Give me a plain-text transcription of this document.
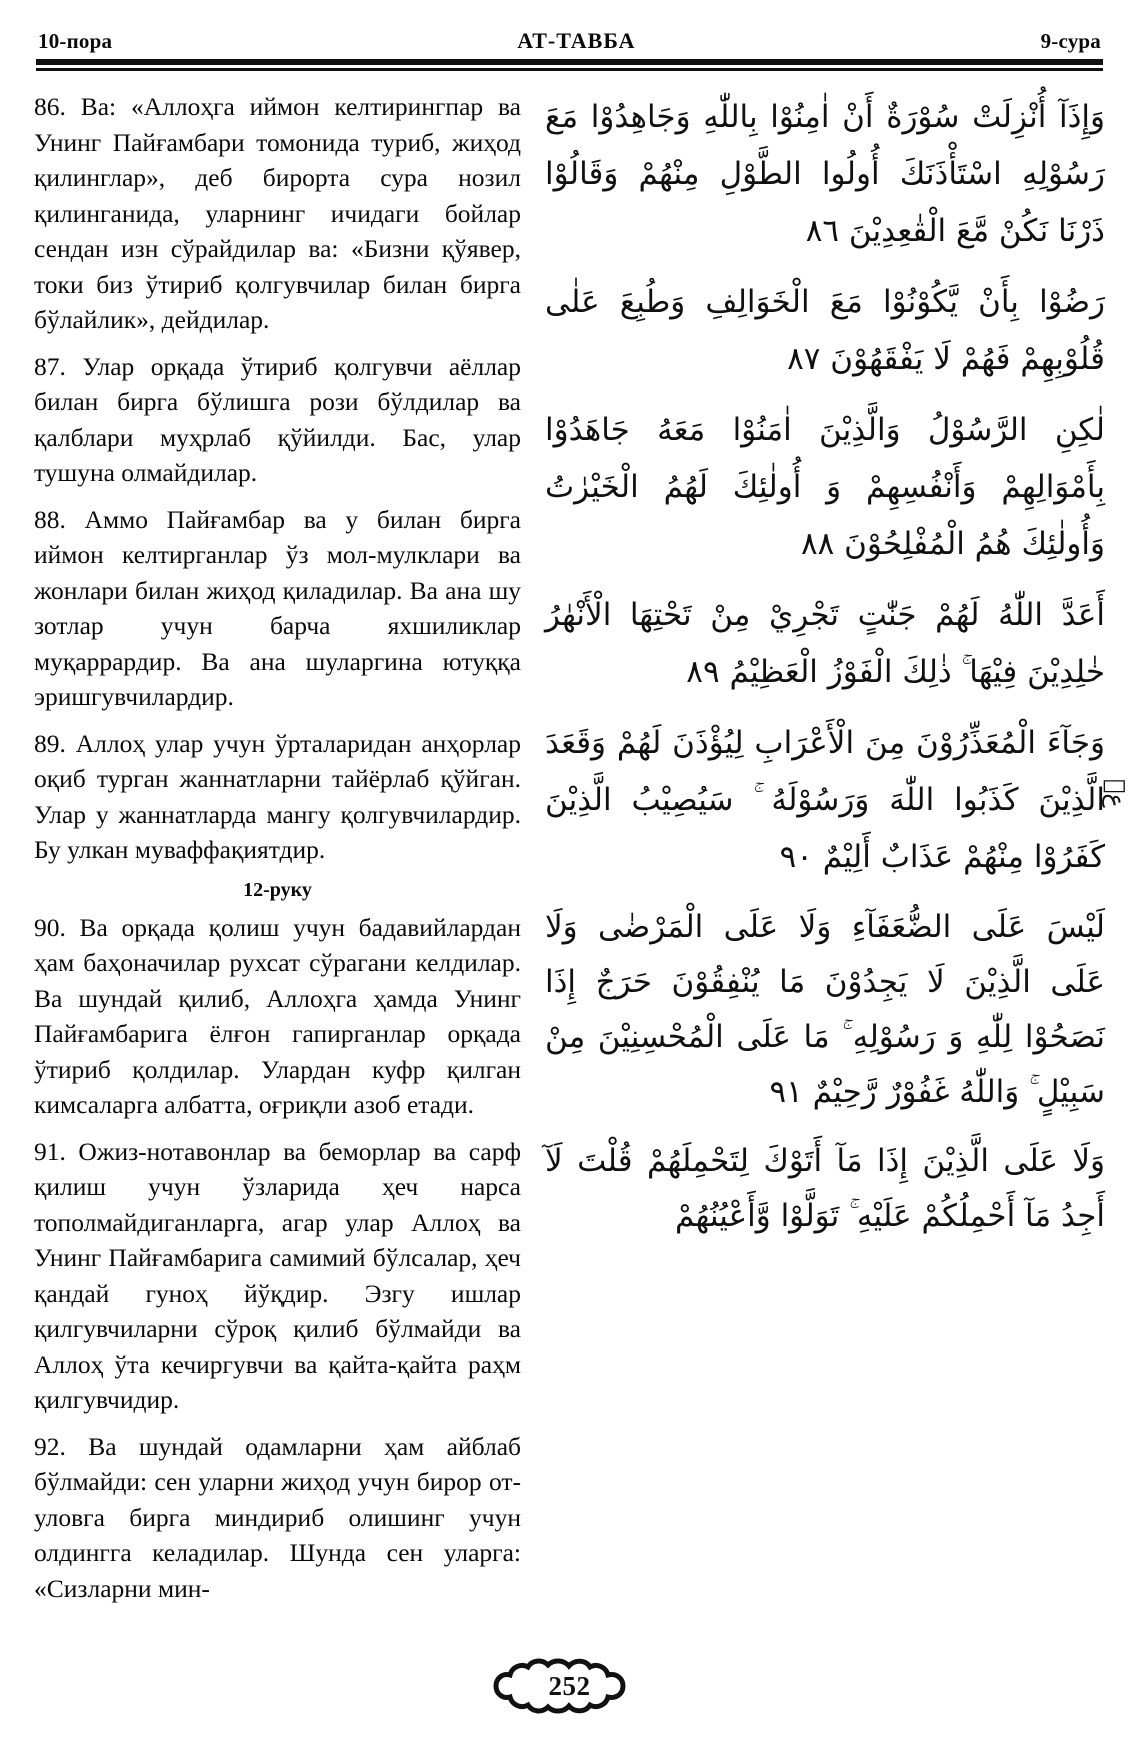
10-пора	АТ-ТАВБА	9-сура

86. Ва: «Аллоҳга иймон келтирингпар ва Унинг Пайғамбари томонида туриб, жиҳод қилинглар», деб бирорта сура нозил қилинганида, уларнинг ичидаги бойлар сендан изн сўрайдилар ва: «Бизни қўявер, токи биз ўтириб қолгувчилар билан бирга бўлайлик», дейдилар.

87. Улар орқада ўтириб қолгувчи аёллар билан бирга бўлишга рози бўлдилар ва қалблари муҳрлаб қўйилди. Бас, улар тушуна олмайдилар.

88. Аммо Пайғамбар ва у билан бирга иймон келтирганлар ўз мол-мулклари ва жонлари билан жиҳод қиладилар. Ва ана шу зотлар учун барча яхшиликлар муқаррардир. Ва ана шуларгина ютуққа эришгувчилардир.

89. Аллоҳ улар учун ўрталаридан анҳорлар оқиб турган жаннатларни тайёрлаб қўйган. Улар у жаннатларда мангу қолгувчилардир. Бу улкан муваффақиятдир.

12-руку

90. Ва орқада қолиш учун бадавийлардан ҳам баҳоначилар рухсат сўрагани келдилар. Ва шундай қилиб, Аллоҳга ҳамда Унинг Пайғамбарига ёлғон гапирганлар орқада ўтириб қолдилар. Улардан куфр қилган кимсаларга албатта, оғриқли азоб етади.

91. Ожиз-нотавонлар ва беморлар ва сарф қилиш учун ўзларида ҳеч нарса тополмайдиганларга, агар улар Аллоҳ ва Унинг Пайғамбарига самимий бўлсалар, ҳеч қандай гуноҳ йўқдир. Эзгу ишлар қилгувчиларни сўроқ қилиб бўлмайди ва Аллоҳ ўта кечиргувчи ва қайта-қайта раҳм қилгувчидир.

92. Ва шундай одамларни ҳам айблаб бўлмайди: сен уларни жиҳод учун бирор от-уловга бирга миндириб олишинг учун олдингга келадилар. Шунда сен уларга: «Сизларни мин-

وَإِذَآ أُنْزِلَتْ سُوْرَةٌ أَنْ اٰمِنُوْا بِاللّٰهِ وَجَاهِدُوْا مَعَ رَسُوْلِهِ اسْتَأْذَنَكَ أُولُوا الطَّوْلِ مِنْهُمْ وَقَالُوْا ذَرْنَا نَكُنْ مَّعَ الْقٰعِدِيْنَ ٨٦
رَضُوْا بِأَنْ يَّكُوْنُوْا مَعَ الْخَوَالِفِ وَطُبِعَ عَلٰى قُلُوْبِهِمْ فَهُمْ لَا يَفْقَهُوْنَ ٨٧
لٰكِنِ الرَّسُوْلُ وَالَّذِيْنَ اٰمَنُوْا مَعَهُ جَاهَدُوْا بِأَمْوَالِهِمْ وَأَنْفُسِهِمْ وَ أُولٰئِكَ لَهُمُ الْخَيْرٰتُ وَأُولٰئِكَ هُمُ الْمُفْلِحُوْنَ ٨٨
أَعَدَّ اللّٰهُ لَهُمْ جَنّٰتٍ تَجْرِيْ مِنْ تَحْتِهَا الْأَنْهٰرُ خٰلِدِيْنَ فِيْهَا ۚ ذٰلِكَ الْفَوْزُ الْعَظِيْمُ ٨٩
وَجَآءَ الْمُعَذِّرُوْنَ مِنَ الْأَعْرَابِ لِيُؤْذَنَ لَهُمْ وَقَعَدَ الَّذِيْنَ كَذَبُوا اللّٰهَ وَرَسُوْلَهُ ۚ سَيُصِيْبُ الَّذِيْنَ كَفَرُوْا مِنْهُمْ عَذَابٌ أَلِيْمٌ ٩٠
لَيْسَ عَلَى الضُّعَفَآءِ وَلَا عَلَى الْمَرْضٰى وَلَا عَلَى الَّذِيْنَ لَا يَجِدُوْنَ مَا يُنْفِقُوْنَ حَرَجٌ إِذَا نَصَحُوْا لِلّٰهِ وَ رَسُوْلِهِ ۚ مَا عَلَى الْمُحْسِنِيْنَ مِنْ سَبِيْلٍ ۚ وَاللّٰهُ غَفُوْرٌ رَّحِيْمٌ ٩١
وَلَا عَلَى الَّذِيْنَ إِذَا مَآ أَتَوْكَ لِتَحْمِلَهُمْ قُلْتَ لَآ أَجِدُ مَآ أَحْمِلُكُمْ عَلَيْهِ ۚ تَوَلَّوْا وَّأَعْيُنُهُمْ
عۡ
252
